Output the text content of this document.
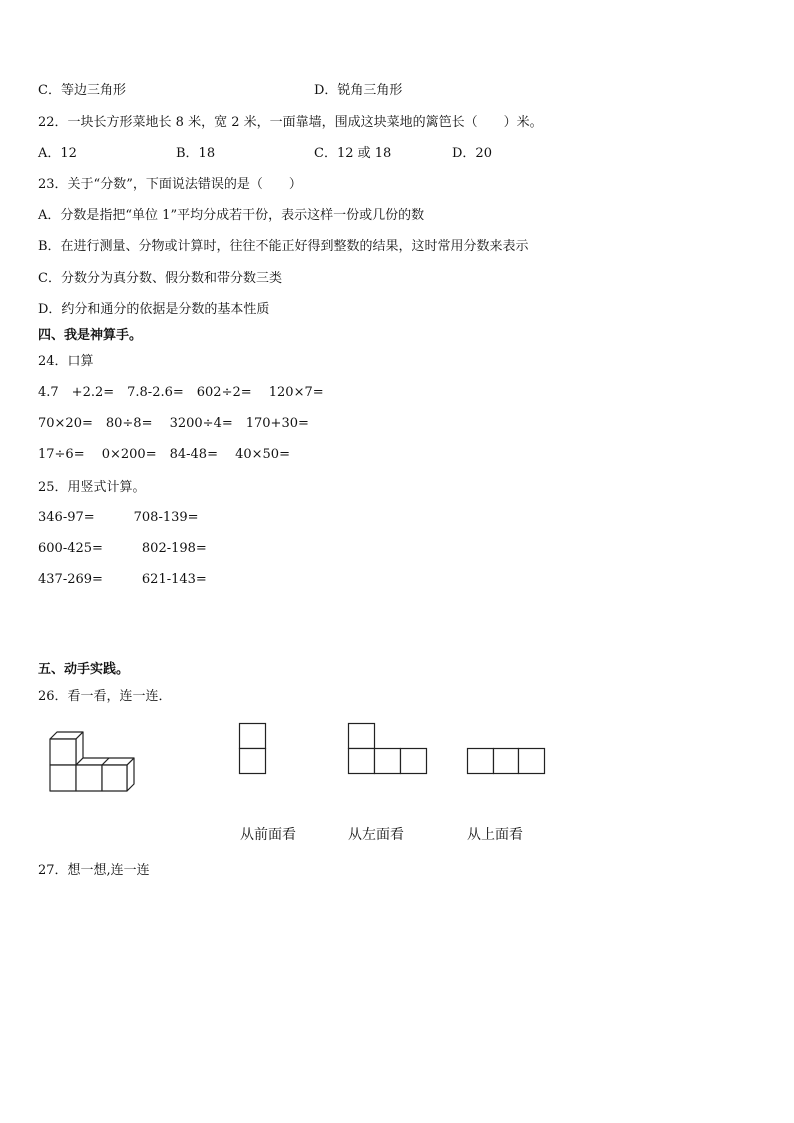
C．等边三角形	D．锐角三角形
22．一块长方形菜地长 8 米，宽 2 米，一面靠墙，围成这块菜地的篱笆长（　　）米。
A．12	B．18	C．12 或 18	D．20
23．关于“分数”，下面说法错误的是（　　）
A．分数是指把“单位 1”平均分成若干份，表示这样一份或几份的数
B．在进行测量、分物或计算时，往往不能正好得到整数的结果，这时常用分数来表示
C．分数分为真分数、假分数和带分数三类
D．约分和通分的依据是分数的基本性质
四、我是神算手。
24．口算
4.7　+2.2=　7.8-2.6=　602÷2=　 120×7=
70×20=　80÷8=　 3200÷4=　170+30=
17÷6=　 0×200=　84-48=　 40×50=
25．用竖式计算。
346-97=　　　708-139=
600-425=　　　802-198=
437-269=　　　621-143=
五、动手实践。
26．看一看，连一连．
从前面看	从左面看	从上面看
27．想一想,连一连
